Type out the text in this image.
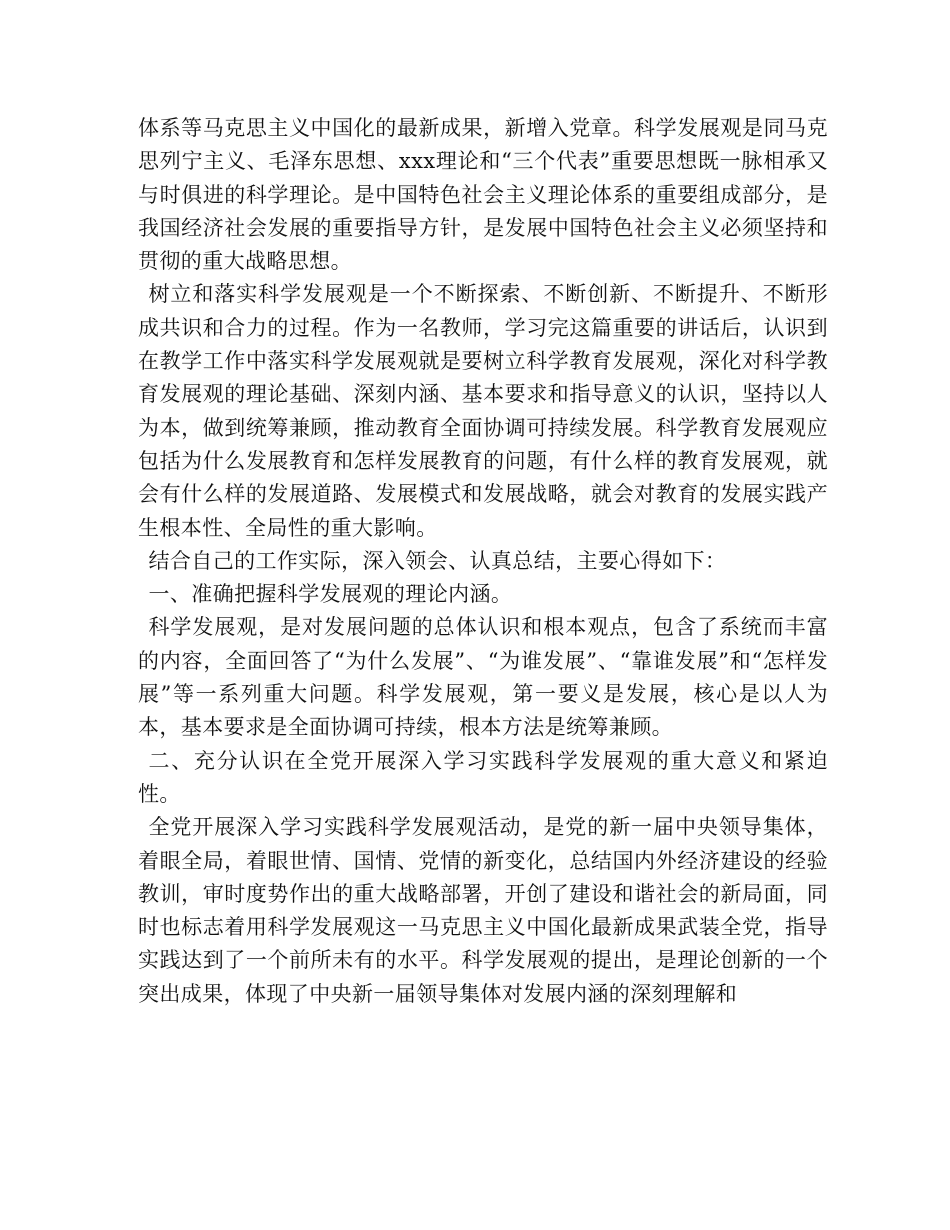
体系等马克思主义中国化的最新成果，新增入党章。科学发展观是同马克思列宁主义、毛泽东思想、xxx理论和“三个代表”重要思想既一脉相承又与时俱进的科学理论。是中国特色社会主义理论体系的重要组成部分，是我国经济社会发展的重要指导方针，是发展中国特色社会主义必须坚持和贯彻的重大战略思想。

树立和落实科学发展观是一个不断探索、不断创新、不断提升、不断形成共识和合力的过程。作为一名教师，学习完这篇重要的讲话后，认识到在教学工作中落实科学发展观就是要树立科学教育发展观，深化对科学教育发展观的理论基础、深刻内涵、基本要求和指导意义的认识，坚持以人为本，做到统筹兼顾，推动教育全面协调可持续发展。科学教育发展观应包括为什么发展教育和怎样发展教育的问题，有什么样的教育发展观，就会有什么样的发展道路、发展模式和发展战略，就会对教育的发展实践产生根本性、全局性的重大影响。

结合自己的工作实际，深入领会、认真总结，主要心得如下：

一、准确把握科学发展观的理论内涵。

科学发展观，是对发展问题的总体认识和根本观点，包含了系统而丰富的内容，全面回答了“为什么发展”、“为谁发展”、“靠谁发展”和“怎样发展”等一系列重大问题。科学发展观，第一要义是发展，核心是以人为本，基本要求是全面协调可持续，根本方法是统筹兼顾。

二、充分认识在全党开展深入学习实践科学发展观的重大意义和紧迫性。

全党开展深入学习实践科学发展观活动，是党的新一届中央领导集体，着眼全局，着眼世情、国情、党情的新变化，总结国内外经济建设的经验教训，审时度势作出的重大战略部署，开创了建设和谐社会的新局面，同时也标志着用科学发展观这一马克思主义中国化最新成果武装全党，指导实践达到了一个前所未有的水平。科学发展观的提出，是理论创新的一个突出成果，体现了中央新一届领导集体对发展内涵的深刻理解和
